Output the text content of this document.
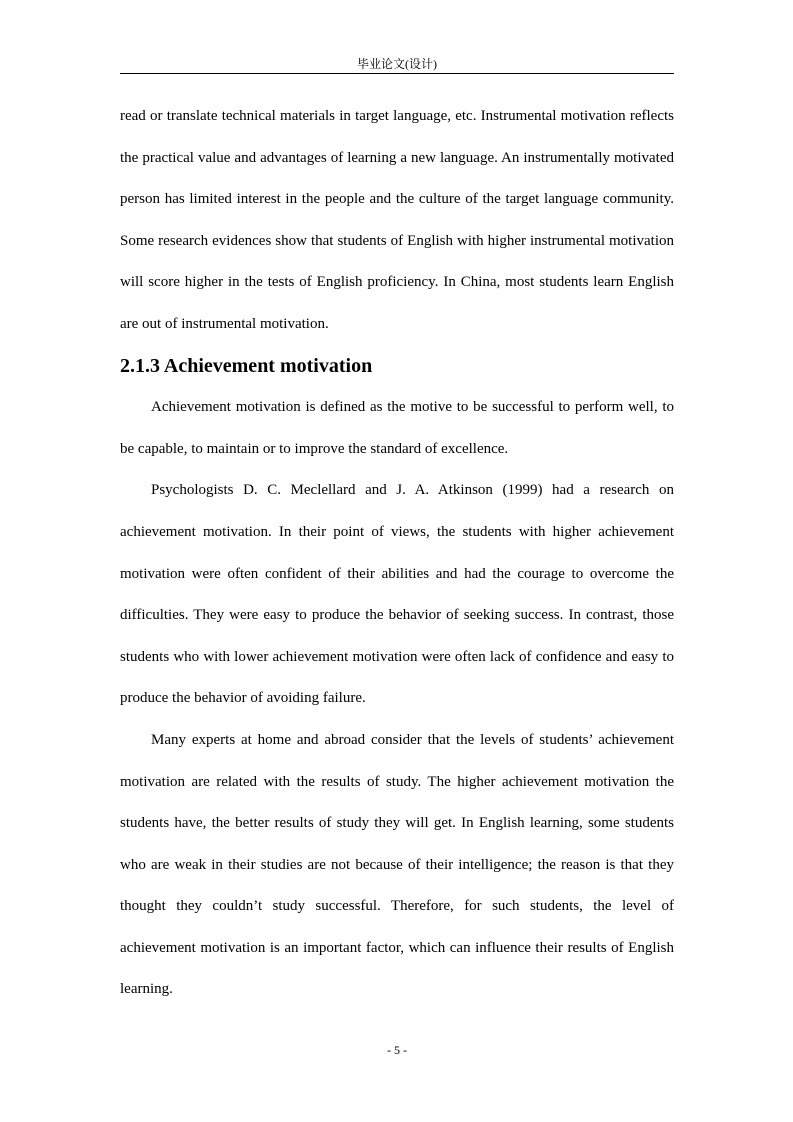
毕业论文(设计)

read or translate technical materials in target language, etc. Instrumental motivation reflects the practical value and advantages of learning a new language. An instrumentally motivated person has limited interest in the people and the culture of the target language community. Some research evidences show that students of English with higher instrumental motivation will score higher in the tests of English proficiency. In China, most students learn English are out of instrumental motivation.

2.1.3 Achievement motivation

Achievement motivation is defined as the motive to be successful to perform well, to be capable, to maintain or to improve the standard of excellence.

Psychologists D. C. Meclellard and J. A. Atkinson (1999) had a research on achievement motivation. In their point of views, the students with higher achievement motivation were often confident of their abilities and had the courage to overcome the difficulties. They were easy to produce the behavior of seeking success. In contrast, those students who with lower achievement motivation were often lack of confidence and easy to produce the behavior of avoiding failure.

Many experts at home and abroad consider that the levels of students’ achievement motivation are related with the results of study. The higher achievement motivation the students have, the better results of study they will get. In English learning, some students who are weak in their studies are not because of their intelligence; the reason is that they thought they couldn’t study successful. Therefore, for such students, the level of achievement motivation is an important factor, which can influence their results of English learning.

- 5 -
